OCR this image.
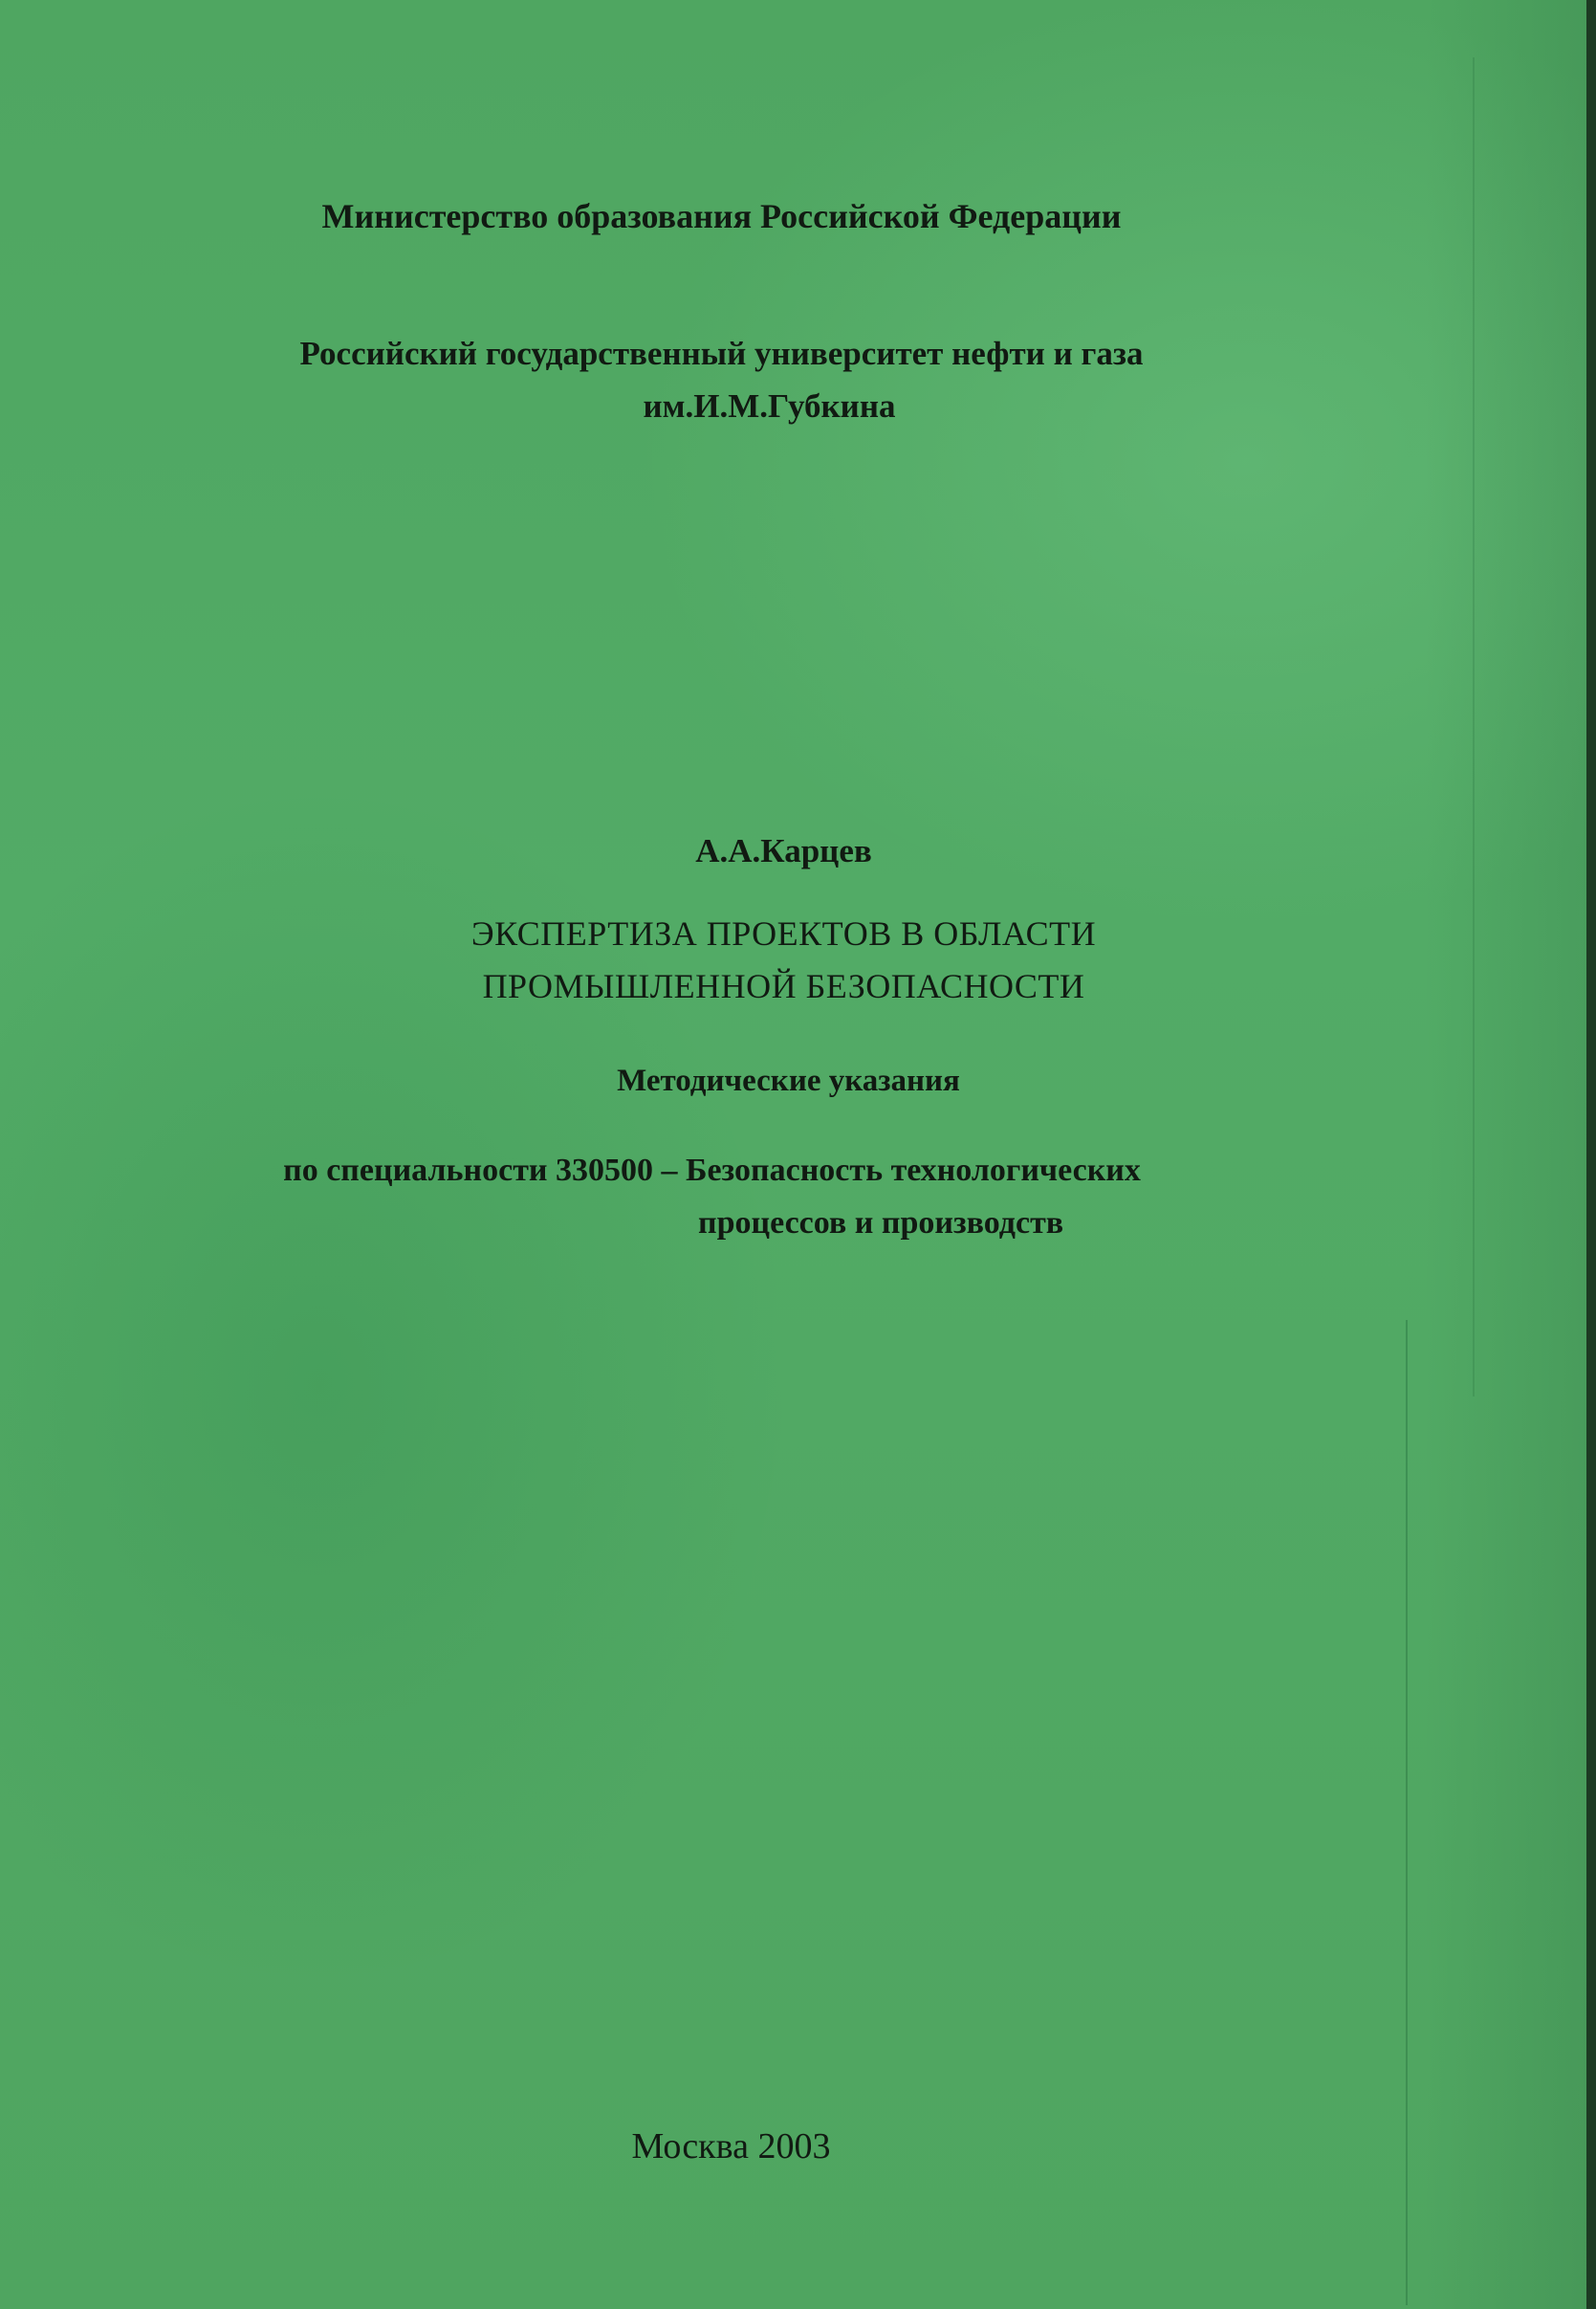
Министерство образования Российской Федерации
Российский государственный университет нефти и газа
им.И.М.Губкина
А.А.Карцев
ЭКСПЕРТИЗА ПРОЕКТОВ В ОБЛАСТИ
ПРОМЫШЛЕННОЙ БЕЗОПАСНОСТИ
Методические указания
по специальности 330500 – Безопасность технологических
процессов и производств
Москва 2003
